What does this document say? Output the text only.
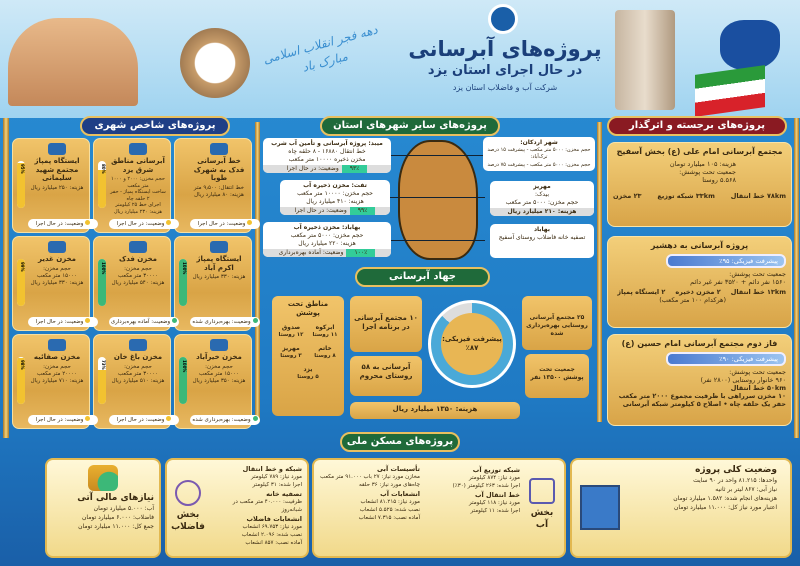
دهه فجر انقلاب اسلامی مبارک باد
پروژه‌های آبرسانی
در حال اجرای استان یزد

شرکت آب و فاضلاب استان یزد

پروژه‌های شاخص شهری	پروژه‌های سایر شهرهای استان	پروژه‌های برجسته و اثرگذار
خط آبرسانی فدک به شهرک طوبا
خط انتقال: ۹٫۵۰۰ متر
هزینه: ۸۰ میلیارد ریال
وضعیت: در حال اجرا
آبرسانی مناطق شرق یزد
حجم مخزن: ۲۰۰۰ و ۱۰۰۰ متر مکعب
ساخت ایستگاه پمپاژ - حفر ۲ حلقه چاه
اجرای خط ۲۵ کیلومتر
هزینه: ۲۳۰ میلیارد ریال
80%
وضعیت: در حال اجرا
ایستگاه پمپاژ مجتمع شهید سلیمانی
هزینه: ۲۵۰ میلیارد ریال
95%
وضعیت: در حال اجرا
ایستگاه پمپاژ اکرم آباد
هزینه: ۳۳۰ میلیارد ریال
100%
وضعیت: بهره‌برداری شده
مخزن فدک
حجم مخزن:
۳۰۰۰۰ متر مکعب
هزینه: ۵۴۰ میلیارد ریال
100%
وضعیت: آماده بهره‌برداری
مخزن غدیر
حجم مخزن:
۱۵۰۰۰ متر مکعب
هزینه: ۳۳۰ میلیارد ریال
99%
وضعیت: در حال اجرا
مخزن خیرآباد
حجم مخزن:
۱۵۰۰۰ متر مکعب
هزینه: ۳۵۰ میلیارد ریال
100%
وضعیت: بهره‌برداری شده
مخزن باغ خان
حجم مخزن:
۳۰۰۰۰ متر مکعب
هزینه: ۵۱۰ میلیارد ریال
73%
وضعیت: در حال اجرا
مخزن صفائیه
حجم مخزن:
۲۰۰۰۰ متر مکعب
هزینه: ۷۱۰ میلیارد ریال
98%
وضعیت: در حال اجرا
میبد: پروژه آبرسانی و تأمین آب شرب
خط انتقال ۱۶۸۸۰ - ۸ حلقه چاه
مخزن ذخیره ۱۰۰۰۰ متر مکعب
۹۳٪وضعیت: در حال اجرا
تفت: مخزن ذخیره آب
حجم مخزن: ۱۰۰۰۰ متر مکعب
هزینه: ۴۱۰ میلیارد ریال
۹۹٪وضعیت: در حال اجرا
بهاباد: مخزن ذخیره آب
حجم مخزن: ۵۰۰۰ متر مکعب
هزینه: ۲۲۰ میلیارد ریال
۱۰۰٪وضعیت: آماده بهره‌برداری
شهر اردکان:
حجم مخزن: ۵۰۰۰ متر مکعب - پیشرفت ۱۵ درصد
ترک‌آباد:
حجم مخزن: ۵۰۰۰ متر مکعب - پیشرفت ۷۵ درصد
مهریز
بیدک:
حجم مخزن: ۵۰۰۰ متر مکعب
هزینه: ۲۱۰ میلیارد ریال
بهاباد
تصفیه خانه فاضلاب روستای آسفیج
جهاد آبرسانی
مناطق تحت پوشش
ابرکوه
۱۱ روستا
صدوق
۱۲ روستا
خاتم
۸ روستا
مهریز
۳ روستا
یزد
۵ روستا
۱۰ مجتمع آبرسانی در برنامه اجرا
آبرسانی به ۵۸ روستای محروم
پیشرفت فیزیکی:
٪۸۷
۲۵ مجتمع آبرسانی روستایی بهره‌برداری شده
جمعیت تحت پوشش ۱۳۵۰۰ نفر
هزینه: ۱۳۵۰ میلیارد ریال
مجتمع آبرسانی امام علی (ع) بخش آسفیج
هزینه: ۱۰۵ میلیارد تومان
جمعیت تحت پوشش:
۵.۵۶۸ روستا
۷۸km خط انتقال
۳۳km شبکه توزیع
۲۳ مخزن
پروژه آبرسانی به دهشیر
پیشرفت فیزیکی: ۹۵٪
جمعیت تحت پوشش:
۱۵۶۰ نفر دائم + ۳۵۲۰ نفر غیر دائم
۱۳km خط انتقال
۲ مخزن ذخیره
۲ ایستگاه پمپاژ
(هرکدام ۱۰۰ متر مکعب)
فاز دوم مجتمع آبرسانی امام حسین (ع)
پیشرفت فیزیکی: ۹۰٪
جمعیت تحت پوشش:
۹۶۰ خانوار روستایی (۲۸۰۰ نفر)
۵۰km خط انتقال
۱۰ مخزن سرراهی با ظرفیت مجموع ۲۰۰۰ متر مکعب
حفر یک حلقه چاه • اصلاح ۵ کیلومتر شبکه آبرسانی
پروژه‌های مسکن ملی
وضعیت کلی پروژه
واحدها: ۸۱.۲۱۵ واحد در ۹۰ سایت
نیاز آبی: ۸۶۷ لیتر بر ثانیه
هزینه‌های انجام شده: ۱.۵۸۲ میلیارد تومان
اعتبار مورد نیاز کل: ۱۱.۰۰۰ میلیارد تومان
بخش آب
شبکه توزیع آب
مورد نیاز: ۸۷۴ کیلومتر
اجرا شده: ۲۶۳ کیلومتر (۳۰٪)
خط انتقال آب
مورد نیاز: ۱۱۸ کیلومتر
اجرا شده: ۱۱ کیلومتر
تأسیسات آبی
مخازن مورد نیاز: ۲۷ باب ۹۱.۰۰۰ متر مکعب
چاه‌های مورد نیاز: ۳۶ حلقه
انشعابات آب
مورد نیاز: ۸۱.۲۱۵ انشعاب
نصب شده: ۵.۵۲۵ انشعاب
آماده نصب: ۷.۳۱۵ انشعاب
بخش فاضلاب
شبکه و خط انتقال
مورد نیاز: ۷۸۹ کیلومتر
اجرا شده: ۳۱ کیلومتر
تصفیه خانه
ظرفیت: ۴۰.۰۰۰ متر مکعب در شبانه‌روز
انشعابات فاضلاب
مورد نیاز: ۶۹.۷۵۳ انشعاب
نصب شده: ۲.۰۹۶ انشعاب
آماده نصب: ۸۵۷ انشعاب
نیازهای مالی آتی
آب: ۵.۰۰۰ میلیارد تومان
فاضلاب: ۶.۰۰۰ میلیارد تومان
جمع کل: ۱۱.۰۰۰ میلیارد تومان
